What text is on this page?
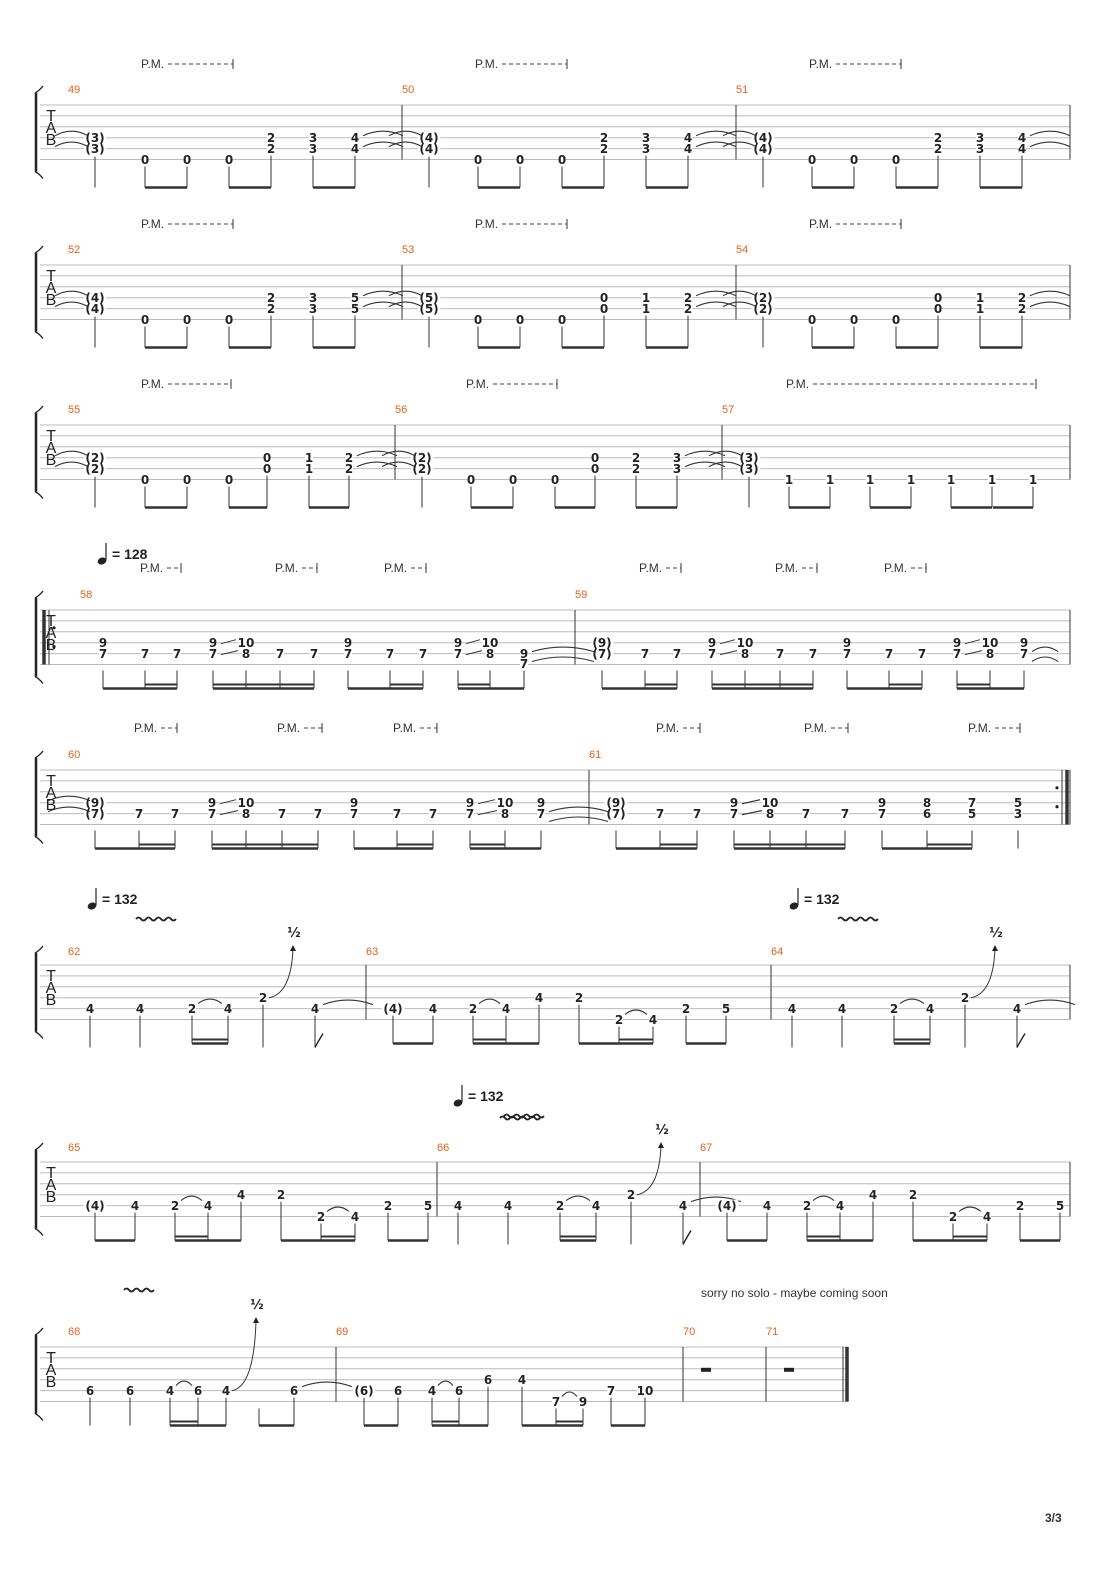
T
A
B
T
A
B
T
A
B
T
A
B
T
A
B
T
A
B
T
A
B
T
A
B
49	50	51
52	53	54
55	56	57
58	59
60	61
62	63	64
65	66	67
68	69	70	71
(3)
(3)
0	0	0
2
2
3
3
4
4
(4)
(4)
0	0	0
2
2
3
3
4
4
(4)
(4)
0	0	0
2
2
3
3
4
4
(4)
(4)
0	0	0
2
2
3
3
5
5
(5)
(5)
0	0	0
0
0
1
1
2
2
(2)
(2)
0	0	0
0
0
1
1
2
2
(2)
(2)
0	0	0
0
0
1
1
2
2
(2)
(2)
0	0	0
0
0
2
2
3
3
(3)
(3)
1	1	1	1	1	1	1
P.M.	P.M.	P.M.
P.M.	P.M.	P.M.
P.M.	P.M.	P.M.
9
7	7 7
9
7
10
8 7 7
9
7	7 7
9
7
10
8 9
7
(9)
(7) 7 7
9
7
10
8 7 7
9
7	7 7
9
7
10
8
9
7
(9)
(7)	7 7
9
7
10
8 7 7
9
7	7 7
9
7
10
8
9
7
(9)
(7)	7 7
9
7
10
8 7	7
9
7
8
6
7
5
5
3
P.M.	P.M.	P.M.	P.M.	P.M.	P.M.
P.M.	P.M.	P.M.	P.M.	P.M.	P.M.
= 128
4	4	2 4
2
4
½
(4) 4	2 4
4	2
2 4
2	5	4	4	2 4
2
4
½
(4) 4	2 4
4	2
2 4
2	5 4	4	2 4
2
4
½
(4) 4	2 4
4	2
2 4
2	5
6	6	4 6 4	6
½
(6) 6 4 6
6 4
7 9
7 10
= 132	= 132
= 132
sorry no solo - maybe coming soon
3/3
